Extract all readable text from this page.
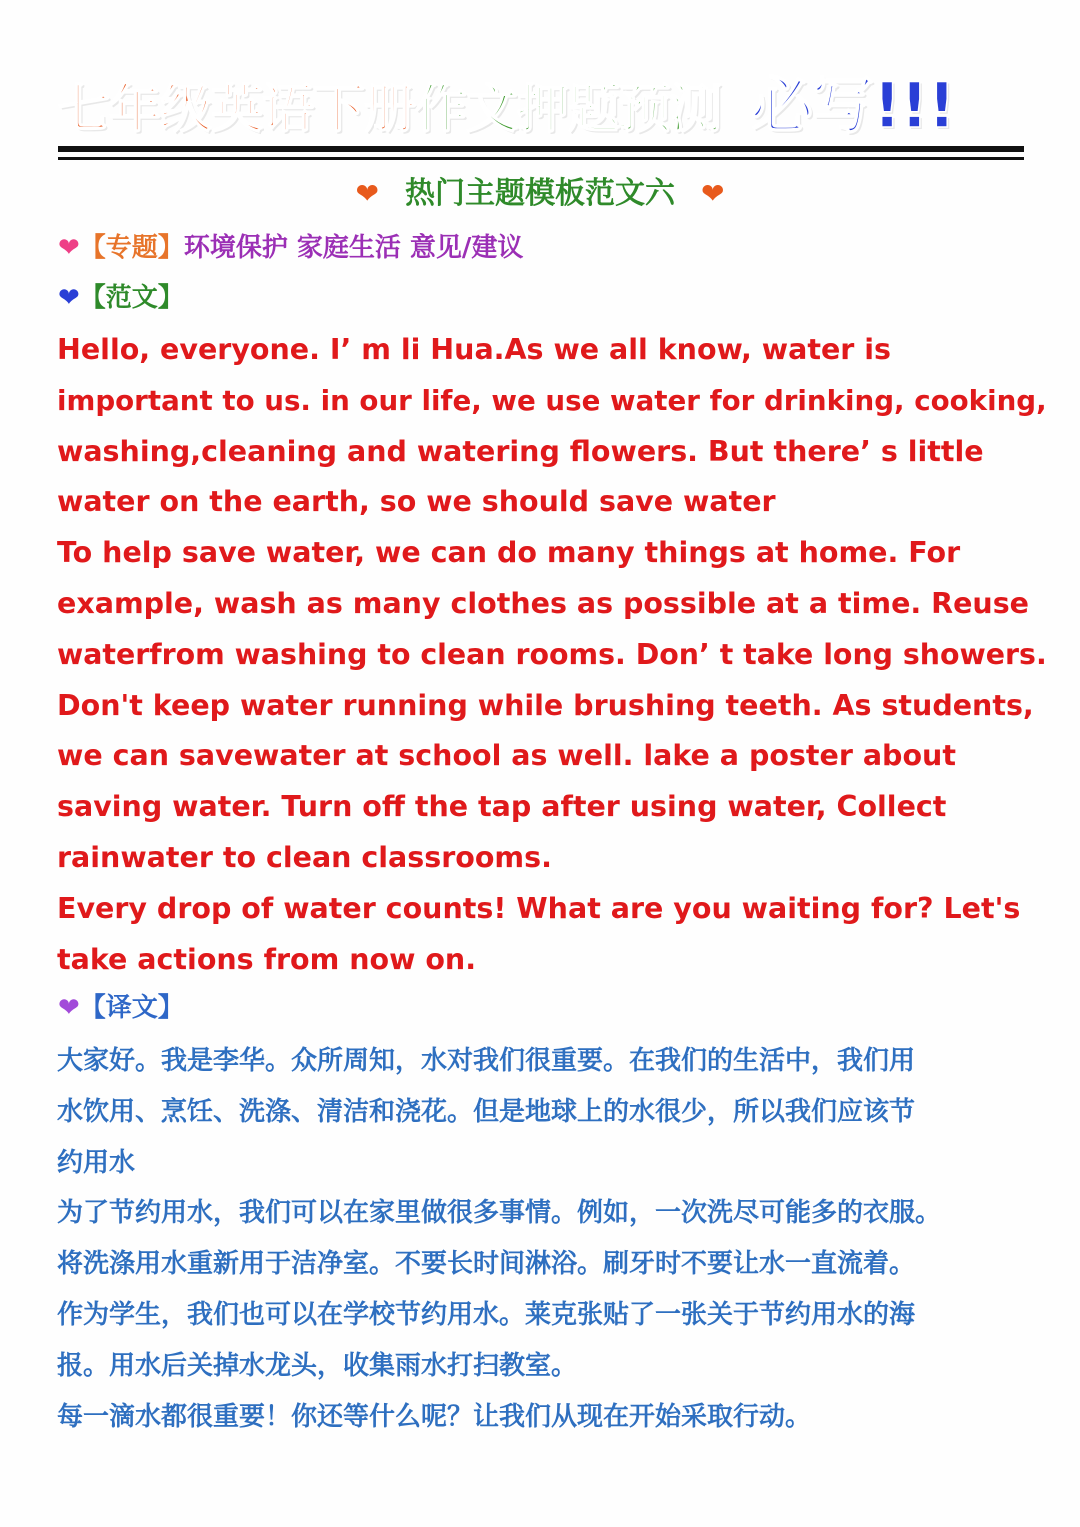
七年级英语下册作文押题预测 必写!!!
❤ 热门主题模板范文六 ❤
❤【专题】环境保护 家庭生活 意见/建议
❤【范文】

Hello, everyone. I’ m li Hua.As we all know, water is

important to us. in our life, we use water for drinking, cooking,

washing,cleaning and watering flowers. But there’ s little

water on the earth, so we should save water

To help save water, we can do many things at home. For

example, wash as many clothes as possible at a time. Reuse

waterfrom washing to clean rooms. Don’ t take long showers.

Don't keep water running while brushing teeth. As students,

we can savewater at school as well. lake a poster about

saving water. Turn off the tap after using water, Collect

rainwater to clean classrooms.

Every drop of water counts! What are you waiting for? Let's

take actions from now on.

❤【译文】

大家好。我是李华。众所周知，水对我们很重要。在我们的生活中，我们用

水饮用、烹饪、洗涤、清洁和浇花。但是地球上的水很少，所以我们应该节

约用水

为了节约用水，我们可以在家里做很多事情。例如，一次洗尽可能多的衣服。

将洗涤用水重新用于洁净室。不要长时间淋浴。刷牙时不要让水一直流着。

作为学生，我们也可以在学校节约用水。莱克张贴了一张关于节约用水的海

报。用水后关掉水龙头，收集雨水打扫教室。

每一滴水都很重要！你还等什么呢？让我们从现在开始采取行动。
